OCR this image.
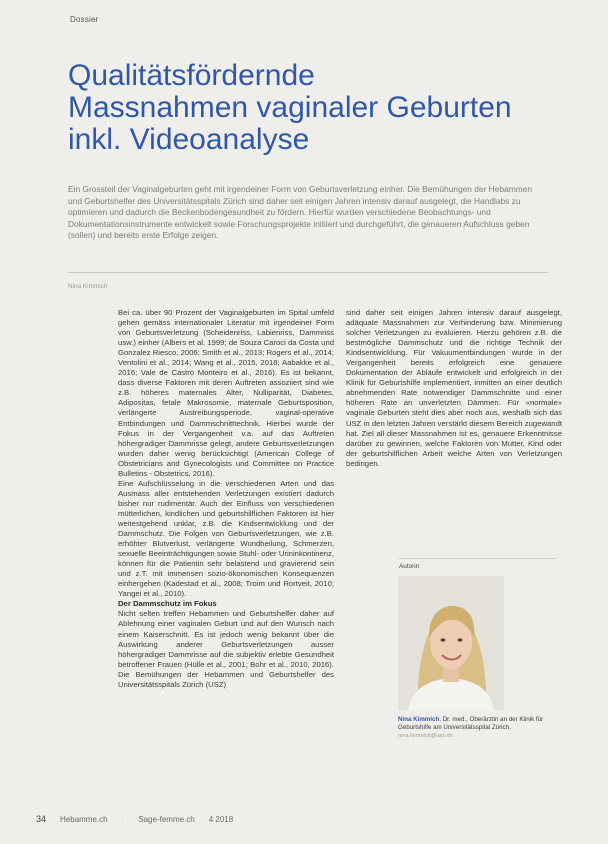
Dossier
Qualitätsfördernde
Massnahmen vaginaler Geburten
inkl. Videoanalyse

Ein Grossteil der Vaginalgeburten geht mit irgendeiner Form von Geburtsverletzung einher. Die Bemühungen der Hebammen und Geburtshelfer des Universitätsspitals Zürich sind daher seit einigen Jahren intensiv darauf ausgelegt, die Handlabs zu optimieren und dadurch die Beckenbodengesundheit zu fördern. Hierfür wurden verschiedene Beobachtungs- und Dokumentationsinstrumente entwickelt sowie Forschungsprojekte initiiert und durchgeführt, die genaueren Aufschluss geben (sollen) und bereits erste Erfolge zeigen.

Nina Kimmich

Bei ca. über 90 Prozent der Vaginalgeburten im Spital umfeld gehen gemäss internationaler Literatur mit irgendeiner Form von Geburtsverletzung (Scheidenriss, Labienriss, Dammriss usw.) einher (Albers et al. 1999; de Souza Caroci da Costa und Gonzalez Riesco, 2006; Smith et al., 2013; Rogers et al., 2014; Ventolini et al., 2014; Wang et al., 2015, 2018; Aabakke et al., 2016; Vale de Castro Monteiro et al., 2016). Es ist bekannt, dass diverse Faktoren mit deren Auftreten assoziiert sind wie z.B. höheres maternales Alter, Nulliparität, Diabetes, Adipositas, fetale Makrosomie, maternale Geburtsposition, verlängerte Austreibungsperiode, vaginal-operative Entbindungen und Dammschnitttechnik. Hierbei wurde der Fokus in der Vergangenheit v.a. auf das Auftreten höhergradiger Dammrisse gelegt, andere Geburtsverletzungen wurden daher wenig berücksichtigt (American College of Obstetricians and Gynecologists und Committee on Practice Bulletins - Obstetrics, 2016).

Eine Aufschlüsselung in die verschiedenen Arten und das Ausmass aller entstehenden Verletzungen existiert dadurch bisher nur rudimentär. Auch der Einfluss von verschiedenen mütterlichen, kindlichen und geburtshilflichen Faktoren ist hier weitestgehend unklar, z.B. die Kindsentwicklung und der Dammschutz. Die Folgen von Geburtsverletzungen, wie z.B. erhöhter Blutverlust, verlängerte Wundheilung, Schmerzen, sexuelle Beeinträchtigungen sowie Stuhl- oder Urininkontinenz, können für die Patientin sehr belastend und gravierend sein und z.T. mit immensen sozio-ökonomischen Konsequenzen einhergehen (Kadestad et al., 2008; Troim und Rortveit, 2010; Yangei et al., 2010).

Der Dammschutz im Fokus

Nicht selten treffen Hebammen und Geburtshelfer daher auf Ablehnung einer vaginalen Geburt und auf den Wunsch nach einem Kaiserschnitt. Es ist jedoch wenig bekannt über die Auswirkung anderer Geburtsverletzungen ausser höhergradiger Dammrisse auf die subjektiv erlebte Gesundheit betroffener Frauen (Hülle et al., 2001; Bohr et al., 2010, 2016). Die Bemühungen der Hebammen und Geburtshelfer des Universitätsspitals Zürich (USZ)

sind daher seit einigen Jahren intensiv darauf ausgelegt, adäquate Massnahmen zur Verhinderung bzw. Minimierung solcher Verletzungen zu evaluieren. Hierzu gehören z.B. die bestmögliche Dammschutz und die richtige Technik der Kindsentwicklung. Für Vakuumentbindungen wurde in der Vergangenheit bereits erfolgreich eine genauere Dokumentation der Abläufe entwickelt und erfolgreich in der Klinik für Geburtshilfe implementiert, inmitten an einer deutlich abnehmenden Rate notwendiger Dammschnitte und einer höheren Rate an unverletzten Dämmen. Für «normale» vaginale Geburten steht dies aber noch aus, weshalb sich das USZ in den letzten Jahren verstärkt diesem Bereich zugewandt hat. Ziel all dieser Massnahmen ist es, genauere Erkenntnisse darüber zu gewinnen, welche Faktoren von Mutter, Kind oder der geburtshilflichen Arbeit welche Arten von Verletzungen bedingen.

Autorin
Nina Kimmich, Dr. med., Oberärztin an der Klinik für Geburtshilfe am Universitätsspital Zürich.
nina.kimmich@usz.ch
34 Hebamme.ch · Sage-femme.ch 4 2018
